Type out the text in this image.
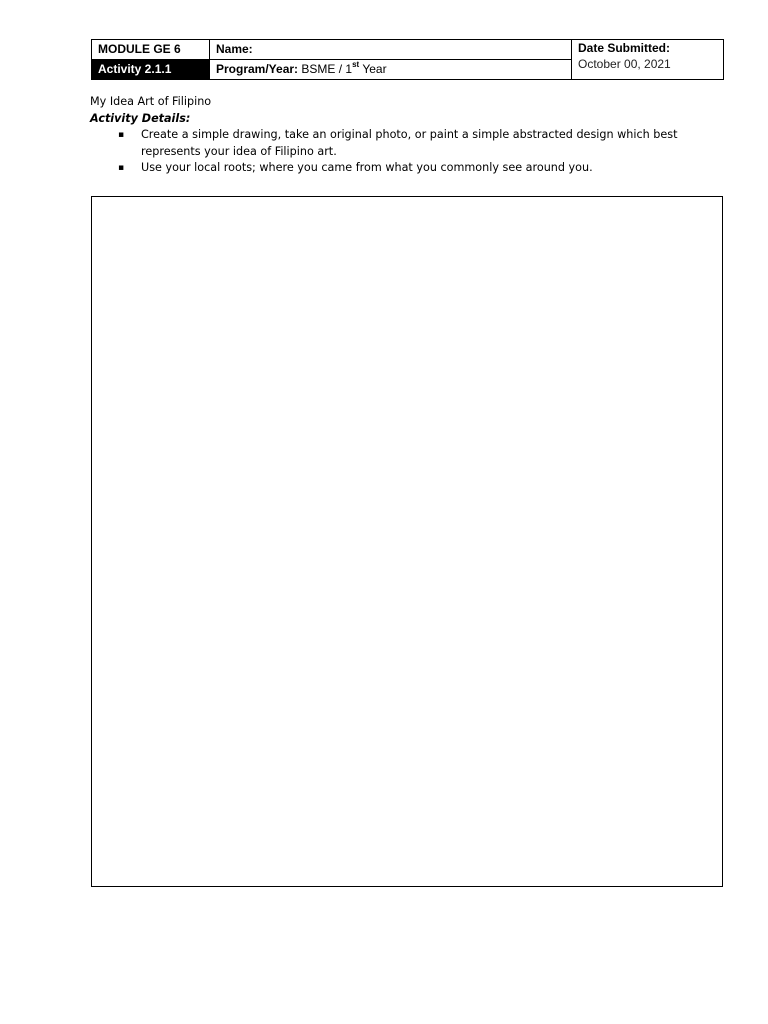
MODULE GE 6	Name:	Date Submitted:
October 00, 2021

Activity 2.1.1	Program/Year: BSME / 1st Year	
My Idea Art of Filipino
Activity Details:
▪ Create a simple drawing, take an original photo, or paint a simple abstracted design which best represents your idea of Filipino art.
▪ Use your local roots; where you came from what you commonly see around you.
